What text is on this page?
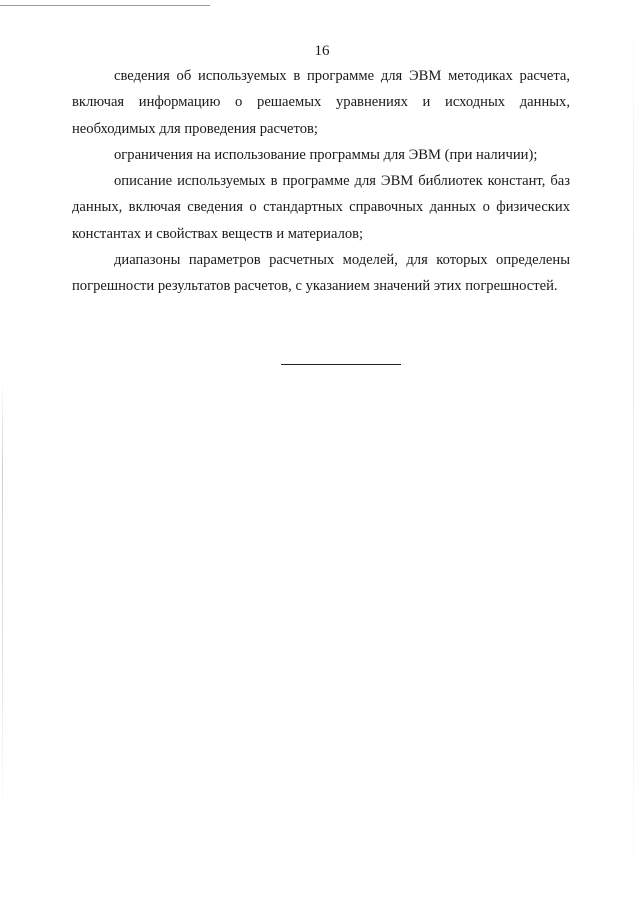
16

сведения об используемых в программе для ЭВМ методиках расчета, включая информацию о решаемых уравнениях и исходных данных, необходимых для проведения расчетов;

ограничения на использование программы для ЭВМ (при наличии);

описание используемых в программе для ЭВМ библиотек констант, баз данных, включая сведения о стандартных справочных данных о физических константах и свойствах веществ и материалов;

диапазоны параметров расчетных моделей, для которых определены погрешности результатов расчетов, с указанием значений этих погрешностей.
